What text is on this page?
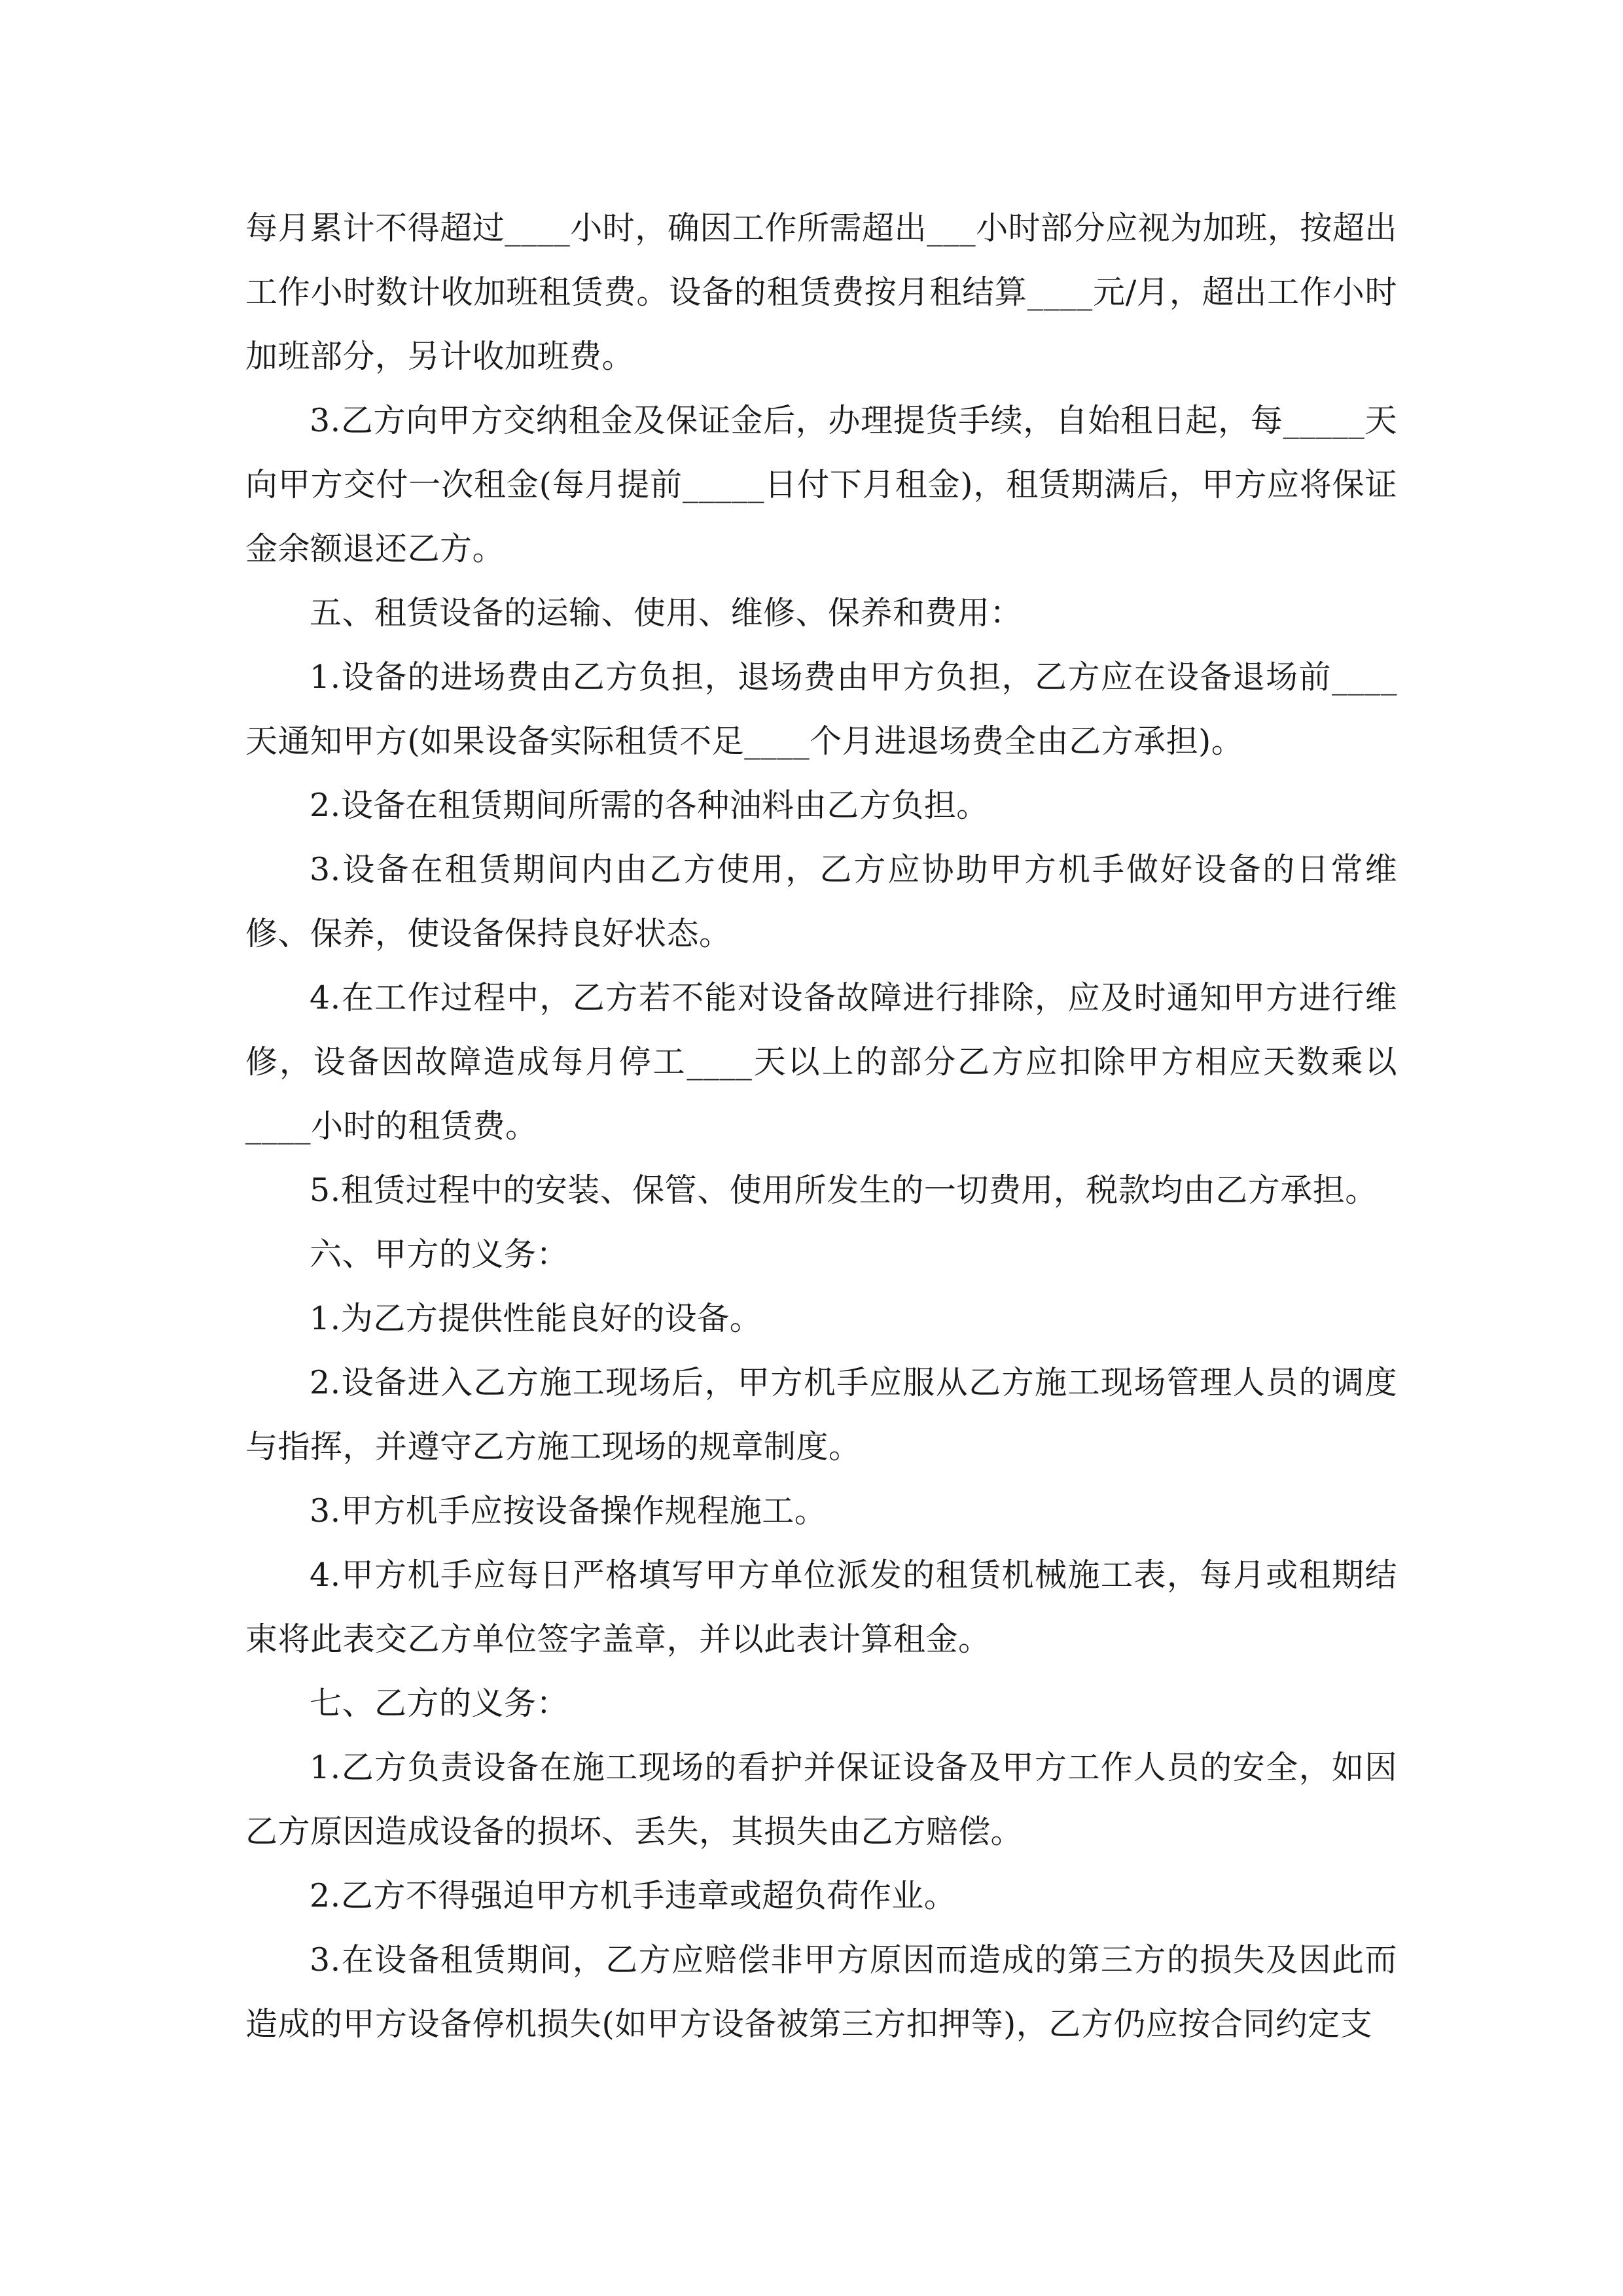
每月累计不得超过____小时，确因工作所需超出___小时部分应视为加班，按超出工作小时数计收加班租赁费。设备的租赁费按月租结算____元/月，超出工作小时加班部分，另计收加班费。

3.乙方向甲方交纳租金及保证金后，办理提货手续，自始租日起，每_____天向甲方交付一次租金(每月提前_____日付下月租金)，租赁期满后，甲方应将保证金余额退还乙方。

五、租赁设备的运输、使用、维修、保养和费用：

1.设备的进场费由乙方负担，退场费由甲方负担，乙方应在设备退场前____天通知甲方(如果设备实际租赁不足____个月进退场费全由乙方承担)。

2.设备在租赁期间所需的各种油料由乙方负担。

3.设备在租赁期间内由乙方使用，乙方应协助甲方机手做好设备的日常维修、保养，使设备保持良好状态。

4.在工作过程中，乙方若不能对设备故障进行排除，应及时通知甲方进行维修，设备因故障造成每月停工____天以上的部分乙方应扣除甲方相应天数乘以____小时的租赁费。

5.租赁过程中的安装、保管、使用所发生的一切费用，税款均由乙方承担。

六、甲方的义务：

1.为乙方提供性能良好的设备。

2.设备进入乙方施工现场后，甲方机手应服从乙方施工现场管理人员的调度与指挥，并遵守乙方施工现场的规章制度。

3.甲方机手应按设备操作规程施工。

4.甲方机手应每日严格填写甲方单位派发的租赁机械施工表，每月或租期结束将此表交乙方单位签字盖章，并以此表计算租金。

七、乙方的义务：

1.乙方负责设备在施工现场的看护并保证设备及甲方工作人员的安全，如因乙方原因造成设备的损坏、丢失，其损失由乙方赔偿。

2.乙方不得强迫甲方机手违章或超负荷作业。

3.在设备租赁期间，乙方应赔偿非甲方原因而造成的第三方的损失及因此而造成的甲方设备停机损失(如甲方设备被第三方扣押等)，乙方仍应按合同约定支
